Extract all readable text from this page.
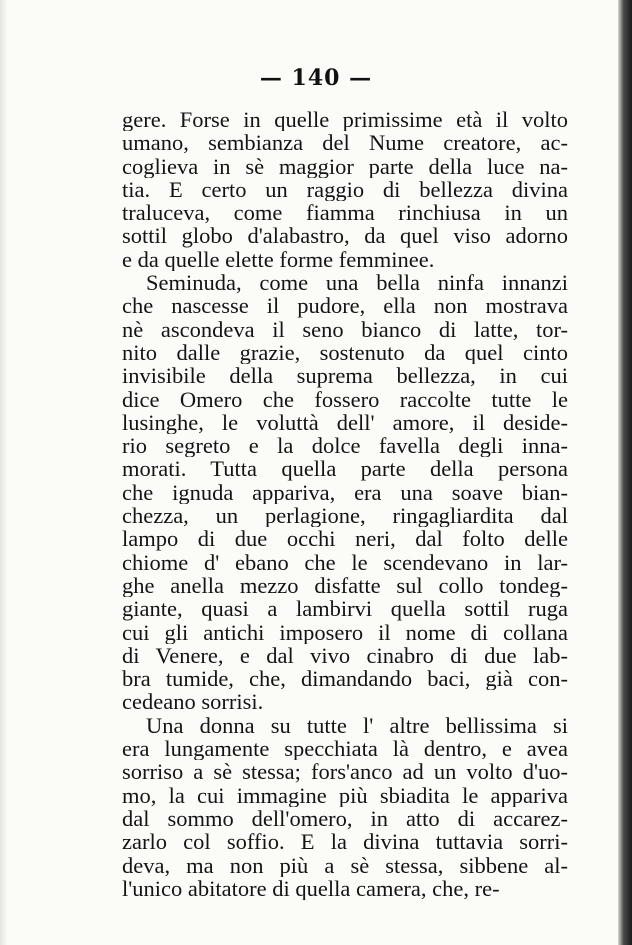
— 140 —
gere. Forse in quelle primissime età il volto
umano, sembianza del Nume creatore, ac-
coglieva in sè maggior parte della luce na-
tia. E certo un raggio di bellezza divina
traluceva, come fiamma rinchiusa in un
sottil globo d'alabastro, da quel viso adorno
e da quelle elette forme femminee.
Seminuda, come una bella ninfa innanzi
che nascesse il pudore, ella non mostrava
nè ascondeva il seno bianco di latte, tor-
nito dalle grazie, sostenuto da quel cinto
invisibile della suprema bellezza, in cui
dice Omero che fossero raccolte tutte le
lusinghe, le voluttà dell' amore, il deside-
rio segreto e la dolce favella degli inna-
morati. Tutta quella parte della persona
che ignuda appariva, era una soave bian-
chezza, un perlagione, ringagliardita dal
lampo di due occhi neri, dal folto delle
chiome d' ebano che le scendevano in lar-
ghe anella mezzo disfatte sul collo tondeg-
giante, quasi a lambirvi quella sottil ruga
cui gli antichi imposero il nome di collana
di Venere, e dal vivo cinabro di due lab-
bra tumide, che, dimandando baci, già con-
cedeano sorrisi.
Una donna su tutte l' altre bellissima si
era lungamente specchiata là dentro, e avea
sorriso a sè stessa; fors'anco ad un volto d'uo-
mo, la cui immagine più sbiadita le appariva
dal sommo dell'omero, in atto di accarez-
zarlo col soffio. E la divina tuttavia sorri-
deva, ma non più a sè stessa, sibbene al-
l'unico abitatore di quella camera, che, re-
